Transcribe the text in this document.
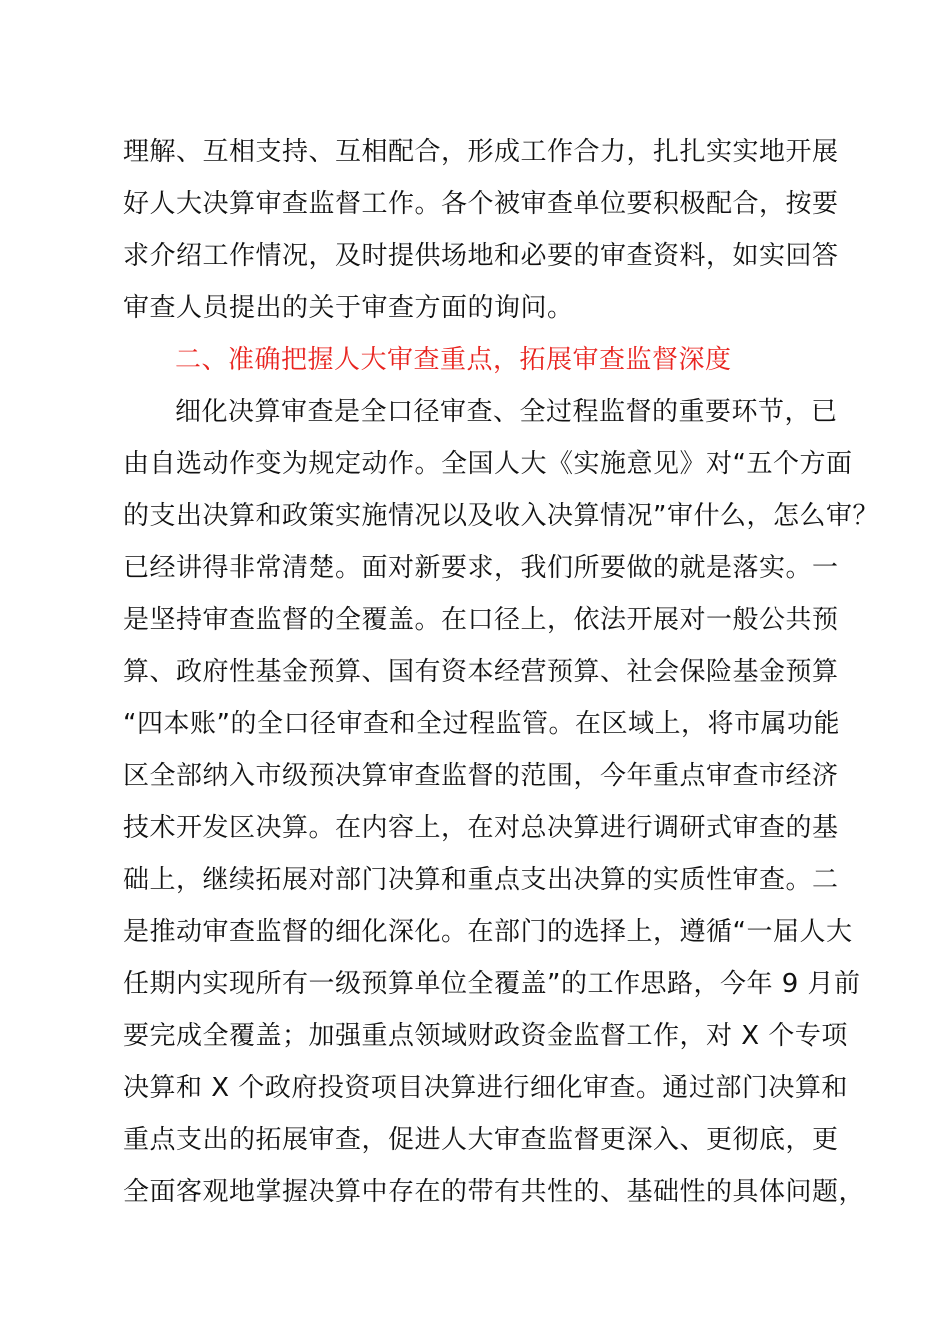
理解、互相支持、互相配合，形成工作合力，扎扎实实地开展
好人大决算审查监督工作。各个被审查单位要积极配合，按要
求介绍工作情况，及时提供场地和必要的审查资料，如实回答
审查人员提出的关于审查方面的询问。
二、准确把握人大审查重点，拓展审查监督深度
细化决算审查是全口径审查、全过程监督的重要环节，已
由自选动作变为规定动作。全国人大《实施意见》对“五个方面
的支出决算和政策实施情况以及收入决算情况”审什么，怎么审？
已经讲得非常清楚。面对新要求，我们所要做的就是落实。一
是坚持审查监督的全覆盖。在口径上，依法开展对一般公共预
算、政府性基金预算、国有资本经营预算、社会保险基金预算
“四本账”的全口径审查和全过程监管。在区域上，将市属功能
区全部纳入市级预决算审查监督的范围，今年重点审查市经济
技术开发区决算。在内容上，在对总决算进行调研式审查的基
础上，继续拓展对部门决算和重点支出决算的实质性审查。二
是推动审查监督的细化深化。在部门的选择上，遵循“一届人大
任期内实现所有一级预算单位全覆盖”的工作思路，今年 9 月前
要完成全覆盖；加强重点领域财政资金监督工作，对 X 个专项
决算和 X 个政府投资项目决算进行细化审查。通过部门决算和
重点支出的拓展审查，促进人大审查监督更深入、更彻底，更
全面客观地掌握决算中存在的带有共性的、基础性的具体问题，
